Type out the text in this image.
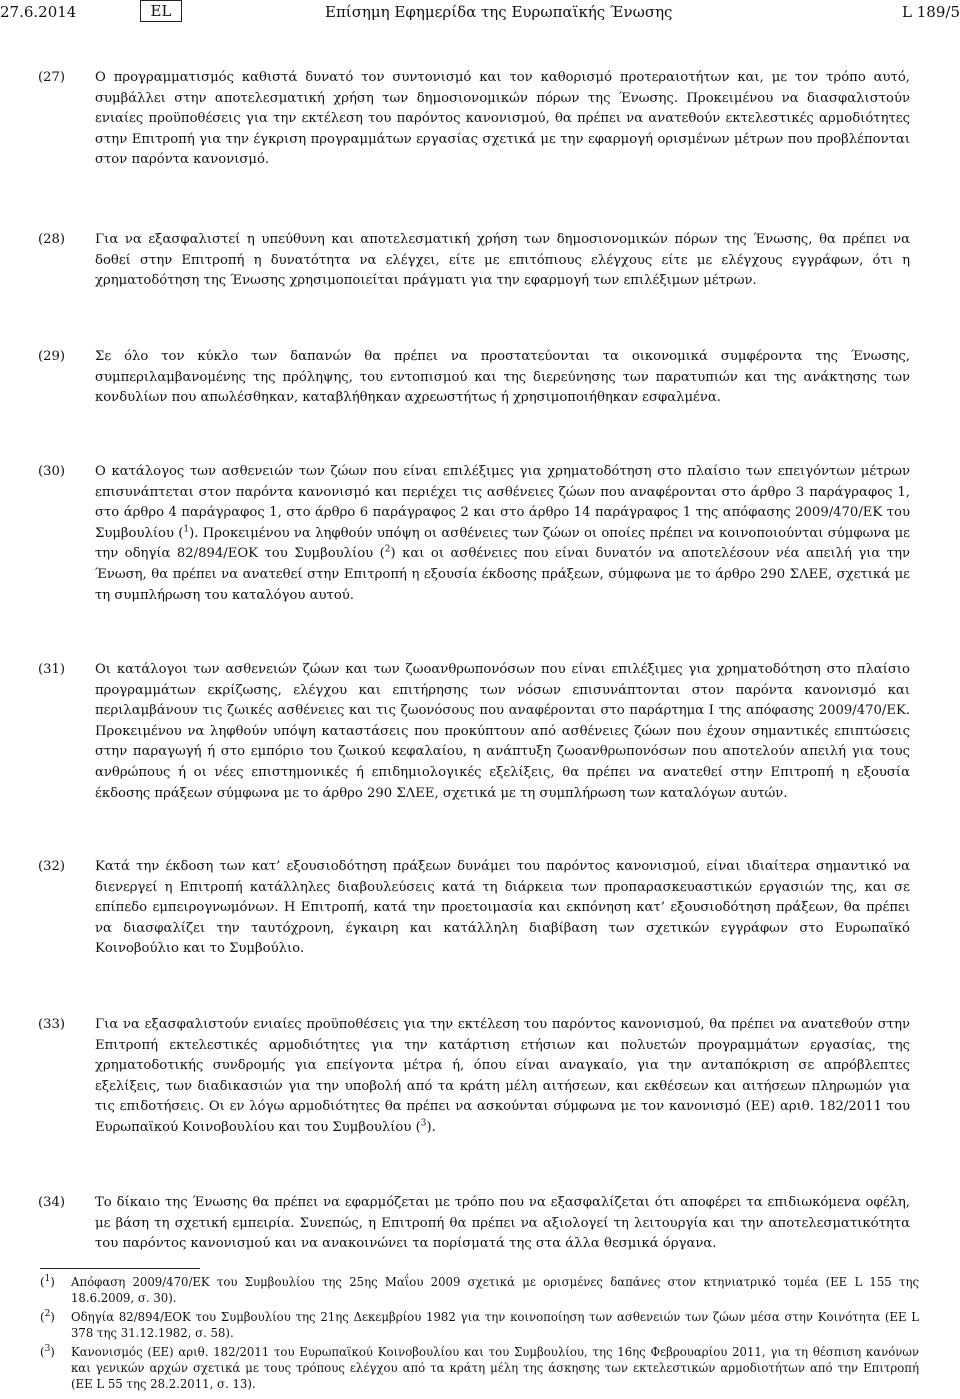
27.6.2014	EL	Επίσημη Εφημερίδα της Ευρωπαϊκής Ένωσης	L 189/5
(27) Ο προγραμματισμός καθιστά δυνατό τον συντονισμό και τον καθορισμό προτεραιοτήτων και, με τον τρόπο αυτό, συμβάλλει στην αποτελεσματική χρήση των δημοσιονομικών πόρων της Ένωσης. Προκειμένου να διασφαλιστούν ενιαίες προϋποθέσεις για την εκτέλεση του παρόντος κανονισμού, θα πρέπει να ανατεθούν εκτελεστικές αρμοδιότητες στην Επιτροπή για την έγκριση προγραμμάτων εργασίας σχετικά με την εφαρμογή ορισμένων μέτρων που προβλέπονται στον παρόντα κανονισμό.

(28) Για να εξασφαλιστεί η υπεύθυνη και αποτελεσματική χρήση των δημοσιονομικών πόρων της Ένωσης, θα πρέπει να δοθεί στην Επιτροπή η δυνατότητα να ελέγχει, είτε με επιτόπιους ελέγχους είτε με ελέγχους εγγράφων, ότι η χρηματοδότηση της Ένωσης χρησιμοποιείται πράγματι για την εφαρμογή των επιλέξιμων μέτρων.

(29) Σε όλο τον κύκλο των δαπανών θα πρέπει να προστατεύονται τα οικονομικά συμφέροντα της Ένωσης, συμπεριλαμβανομένης της πρόληψης, του εντοπισμού και της διερεύνησης των παρατυπιών και της ανάκτησης των κονδυλίων που απωλέσθηκαν, καταβλήθηκαν αχρεωστήτως ή χρησιμοποιήθηκαν εσφαλμένα.

(30) Ο κατάλογος των ασθενειών των ζώων που είναι επιλέξιμες για χρηματοδότηση στο πλαίσιο των επειγόντων μέτρων επισυνάπτεται στον παρόντα κανονισμό και περιέχει τις ασθένειες ζώων που αναφέρονται στο άρθρο 3 παράγραφος 1, στο άρθρο 4 παράγραφος 1, στο άρθρο 6 παράγραφος 2 και στο άρθρο 14 παράγραφος 1 της απόφασης 2009/470/ΕΚ του Συμβουλίου ($^1$). Προκειμένου να ληφθούν υπόψη οι ασθένειες των ζώων οι οποίες πρέπει να κοινοποιούνται σύμφωνα με την οδηγία 82/894/ΕΟΚ του Συμβουλίου ($^2$) και οι ασθένειες που είναι δυνατόν να αποτελέσουν νέα απειλή για την Ένωση, θα πρέπει να ανατεθεί στην Επιτροπή η εξουσία έκδοσης πράξεων, σύμφωνα με το άρθρο 290 ΣΛΕΕ, σχετικά με τη συμπλήρωση του καταλόγου αυτού.

(31) Οι κατάλογοι των ασθενειών ζώων και των ζωοανθρωπονόσων που είναι επιλέξιμες για χρηματοδότηση στο πλαίσιο προγραμμάτων εκρίζωσης, ελέγχου και επιτήρησης των νόσων επισυνάπτονται στον παρόντα κανονισμό και περιλαμβάνουν τις ζωικές ασθένειες και τις ζωονόσους που αναφέρονται στο παράρτημα Ι της απόφασης 2009/470/ΕΚ. Προκειμένου να ληφθούν υπόψη καταστάσεις που προκύπτουν από ασθένειες ζώων που έχουν σημαντικές επιπτώσεις στην παραγωγή ή στο εμπόριο του ζωικού κεφαλαίου, η ανάπτυξη ζωοανθρωπονόσων που αποτελούν απειλή για τους ανθρώπους ή οι νέες επιστημονικές ή επιδημιολογικές εξελίξεις, θα πρέπει να ανατεθεί στην Επιτροπή η εξουσία έκδοσης πράξεων σύμφωνα με το άρθρο 290 ΣΛΕΕ, σχετικά με τη συμπλήρωση των καταλόγων αυτών.

(32) Κατά την έκδοση των κατ’ εξουσιοδότηση πράξεων δυνάμει του παρόντος κανονισμού, είναι ιδιαίτερα σημαντικό να διενεργεί η Επιτροπή κατάλληλες διαβουλεύσεις κατά τη διάρκεια των προπαρασκευαστικών εργασιών της, και σε επίπεδο εμπειρογνωμόνων. Η Επιτροπή, κατά την προετοιμασία και εκπόνηση κατ’ εξουσιοδότηση πράξεων, θα πρέπει να διασφαλίζει την ταυτόχρονη, έγκαιρη και κατάλληλη διαβίβαση των σχετικών εγγράφων στο Ευρωπαϊκό Κοινοβούλιο και το Συμβούλιο.

(33) Για να εξασφαλιστούν ενιαίες προϋποθέσεις για την εκτέλεση του παρόντος κανονισμού, θα πρέπει να ανατεθούν στην Επιτροπή εκτελεστικές αρμοδιότητες για την κατάρτιση ετήσιων και πολυετών προγραμμάτων εργασίας, της χρηματοδοτικής συνδρομής για επείγοντα μέτρα ή, όπου είναι αναγκαίο, για την ανταπόκριση σε απρόβλεπτες εξελίξεις, των διαδικασιών για την υποβολή από τα κράτη μέλη αιτήσεων, και εκθέσεων και αιτήσεων πληρωμών για τις επιδοτήσεις. Οι εν λόγω αρμοδιότητες θα πρέπει να ασκούνται σύμφωνα με τον κανονισμό (ΕΕ) αριθ. 182/2011 του Ευρωπαϊκού Κοινοβουλίου και του Συμβουλίου ($^3$).

(34) Το δίκαιο της Ένωσης θα πρέπει να εφαρμόζεται με τρόπο που να εξασφαλίζεται ότι αποφέρει τα επιδιωκόμενα οφέλη, με βάση τη σχετική εμπειρία. Συνεπώς, η Επιτροπή θα πρέπει να αξιολογεί τη λειτουργία και την αποτελεσματικότητα του παρόντος κανονισμού και να ανακοινώνει τα πορίσματά της στα άλλα θεσμικά όργανα.

($^1$) Απόφαση 2009/470/ΕΚ του Συμβουλίου της 25ης Μαΐου 2009 σχετικά με ορισμένες δαπάνες στον κτηνιατρικό τομέα (ΕΕ L 155 της 18.6.2009, σ. 30).

($^2$) Οδηγία 82/894/ΕΟΚ του Συμβουλίου της 21ης Δεκεμβρίου 1982 για την κοινοποίηση των ασθενειών των ζώων μέσα στην Κοινότητα (ΕΕ L 378 της 31.12.1982, σ. 58).

($^3$) Κανονισμός (ΕΕ) αριθ. 182/2011 του Ευρωπαϊκού Κοινοβουλίου και του Συμβουλίου, της 16ης Φεβρουαρίου 2011, για τη θέσπιση κανόνων και γενικών αρχών σχετικά με τους τρόπους ελέγχου από τα κράτη μέλη της άσκησης των εκτελεστικών αρμοδιοτήτων από την Επιτροπή (ΕΕ L 55 της 28.2.2011, σ. 13).
